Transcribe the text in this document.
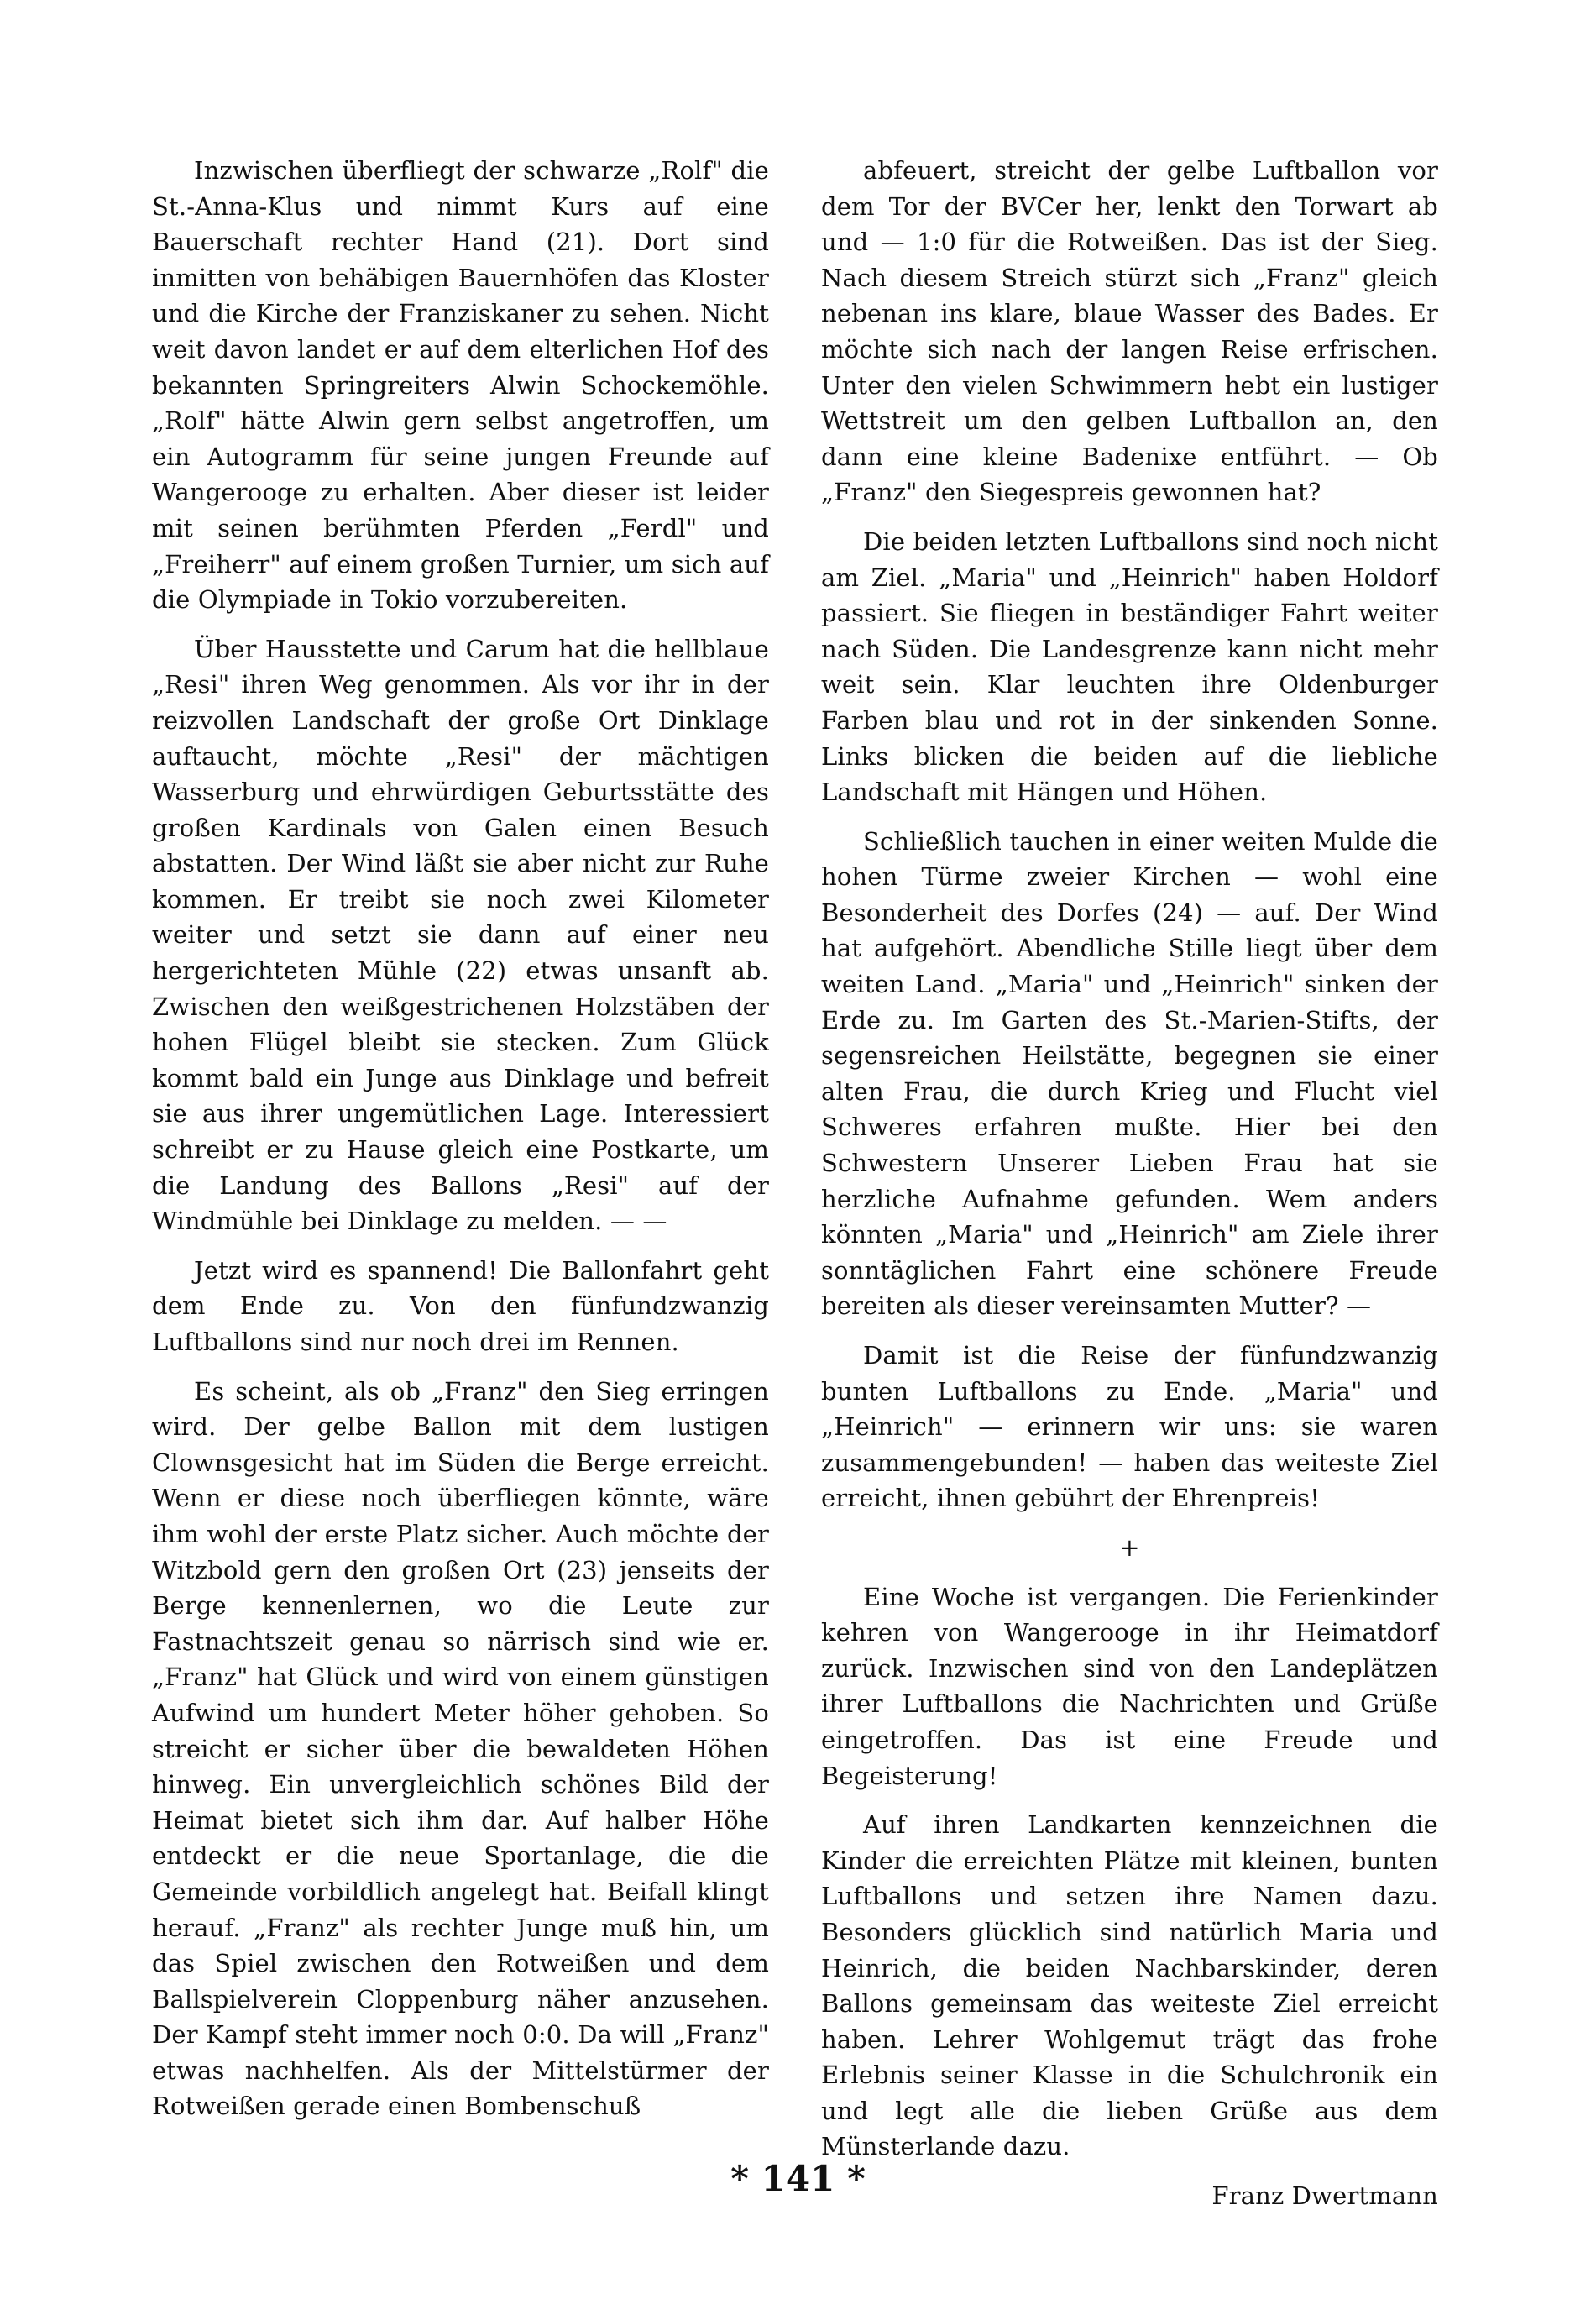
Inzwischen überfliegt der schwarze „Rolf" die St.-Anna-Klus und nimmt Kurs auf eine Bauerschaft rechter Hand (21). Dort sind inmitten von behäbigen Bauernhöfen das Kloster und die Kirche der Franziskaner zu sehen. Nicht weit davon landet er auf dem elterlichen Hof des bekannten Springreiters Alwin Schockemöhle. „Rolf" hätte Alwin gern selbst angetroffen, um ein Autogramm für seine jungen Freunde auf Wangerooge zu erhalten. Aber dieser ist leider mit seinen berühmten Pferden „Ferdl" und „Freiherr" auf einem großen Turnier, um sich auf die Olympiade in Tokio vorzubereiten.

Über Hausstette und Carum hat die hellblaue „Resi" ihren Weg genommen. Als vor ihr in der reizvollen Landschaft der große Ort Dinklage auftaucht, möchte „Resi" der mächtigen Wasserburg und ehrwürdigen Geburtsstätte des großen Kardinals von Galen einen Besuch abstatten. Der Wind läßt sie aber nicht zur Ruhe kommen. Er treibt sie noch zwei Kilometer weiter und setzt sie dann auf einer neu hergerichteten Mühle (22) etwas unsanft ab. Zwischen den weißgestrichenen Holzstäben der hohen Flügel bleibt sie stecken. Zum Glück kommt bald ein Junge aus Dinklage und befreit sie aus ihrer ungemütlichen Lage. Interessiert schreibt er zu Hause gleich eine Postkarte, um die Landung des Ballons „Resi" auf der Windmühle bei Dinklage zu melden. — —

Jetzt wird es spannend! Die Ballonfahrt geht dem Ende zu. Von den fünfundzwanzig Luftballons sind nur noch drei im Rennen.

Es scheint, als ob „Franz" den Sieg erringen wird. Der gelbe Ballon mit dem lustigen Clownsgesicht hat im Süden die Berge erreicht. Wenn er diese noch überfliegen könnte, wäre ihm wohl der erste Platz sicher. Auch möchte der Witzbold gern den großen Ort (23) jenseits der Berge kennenlernen, wo die Leute zur Fastnachtszeit genau so närrisch sind wie er. „Franz" hat Glück und wird von einem günstigen Aufwind um hundert Meter höher gehoben. So streicht er sicher über die bewaldeten Höhen hinweg. Ein unvergleichlich schönes Bild der Heimat bietet sich ihm dar. Auf halber Höhe entdeckt er die neue Sportanlage, die die Gemeinde vorbildlich angelegt hat. Beifall klingt herauf. „Franz" als rechter Junge muß hin, um das Spiel zwischen den Rotweißen und dem Ballspielverein Cloppenburg näher anzusehen. Der Kampf steht immer noch 0:0. Da will „Franz" etwas nachhelfen. Als der Mittelstürmer der Rotweißen gerade einen Bombenschuß

abfeuert, streicht der gelbe Luftballon vor dem Tor der BVCer her, lenkt den Torwart ab und — 1:0 für die Rotweißen. Das ist der Sieg. Nach diesem Streich stürzt sich „Franz" gleich nebenan ins klare, blaue Wasser des Bades. Er möchte sich nach der langen Reise erfrischen. Unter den vielen Schwimmern hebt ein lustiger Wettstreit um den gelben Luftballon an, den dann eine kleine Badenixe entführt. — Ob „Franz" den Siegespreis gewonnen hat?

Die beiden letzten Luftballons sind noch nicht am Ziel. „Maria" und „Heinrich" haben Holdorf passiert. Sie fliegen in beständiger Fahrt weiter nach Süden. Die Landesgrenze kann nicht mehr weit sein. Klar leuchten ihre Oldenburger Farben blau und rot in der sinkenden Sonne. Links blicken die beiden auf die liebliche Landschaft mit Hängen und Höhen.

Schließlich tauchen in einer weiten Mulde die hohen Türme zweier Kirchen — wohl eine Besonderheit des Dorfes (24) — auf. Der Wind hat aufgehört. Abendliche Stille liegt über dem weiten Land. „Maria" und „Heinrich" sinken der Erde zu. Im Garten des St.-Marien-Stifts, der segensreichen Heilstätte, begegnen sie einer alten Frau, die durch Krieg und Flucht viel Schweres erfahren mußte. Hier bei den Schwestern Unserer Lieben Frau hat sie herzliche Aufnahme gefunden. Wem anders könnten „Maria" und „Heinrich" am Ziele ihrer sonntäglichen Fahrt eine schönere Freude bereiten als dieser vereinsamten Mutter? —

Damit ist die Reise der fünfundzwanzig bunten Luftballons zu Ende. „Maria" und „Heinrich" — erinnern wir uns: sie waren zusammengebunden! — haben das weiteste Ziel erreicht, ihnen gebührt der Ehrenpreis!

+

Eine Woche ist vergangen. Die Ferienkinder kehren von Wangerooge in ihr Heimatdorf zurück. Inzwischen sind von den Landeplätzen ihrer Luftballons die Nachrichten und Grüße eingetroffen. Das ist eine Freude und Begeisterung!

Auf ihren Landkarten kennzeichnen die Kinder die erreichten Plätze mit kleinen, bunten Luftballons und setzen ihre Namen dazu. Besonders glücklich sind natürlich Maria und Heinrich, die beiden Nachbarskinder, deren Ballons gemeinsam das weiteste Ziel erreicht haben. Lehrer Wohlgemut trägt das frohe Erlebnis seiner Klasse in die Schulchronik ein und legt alle die lieben Grüße aus dem Münsterlande dazu.

Franz Dwertmann

* 141 *
